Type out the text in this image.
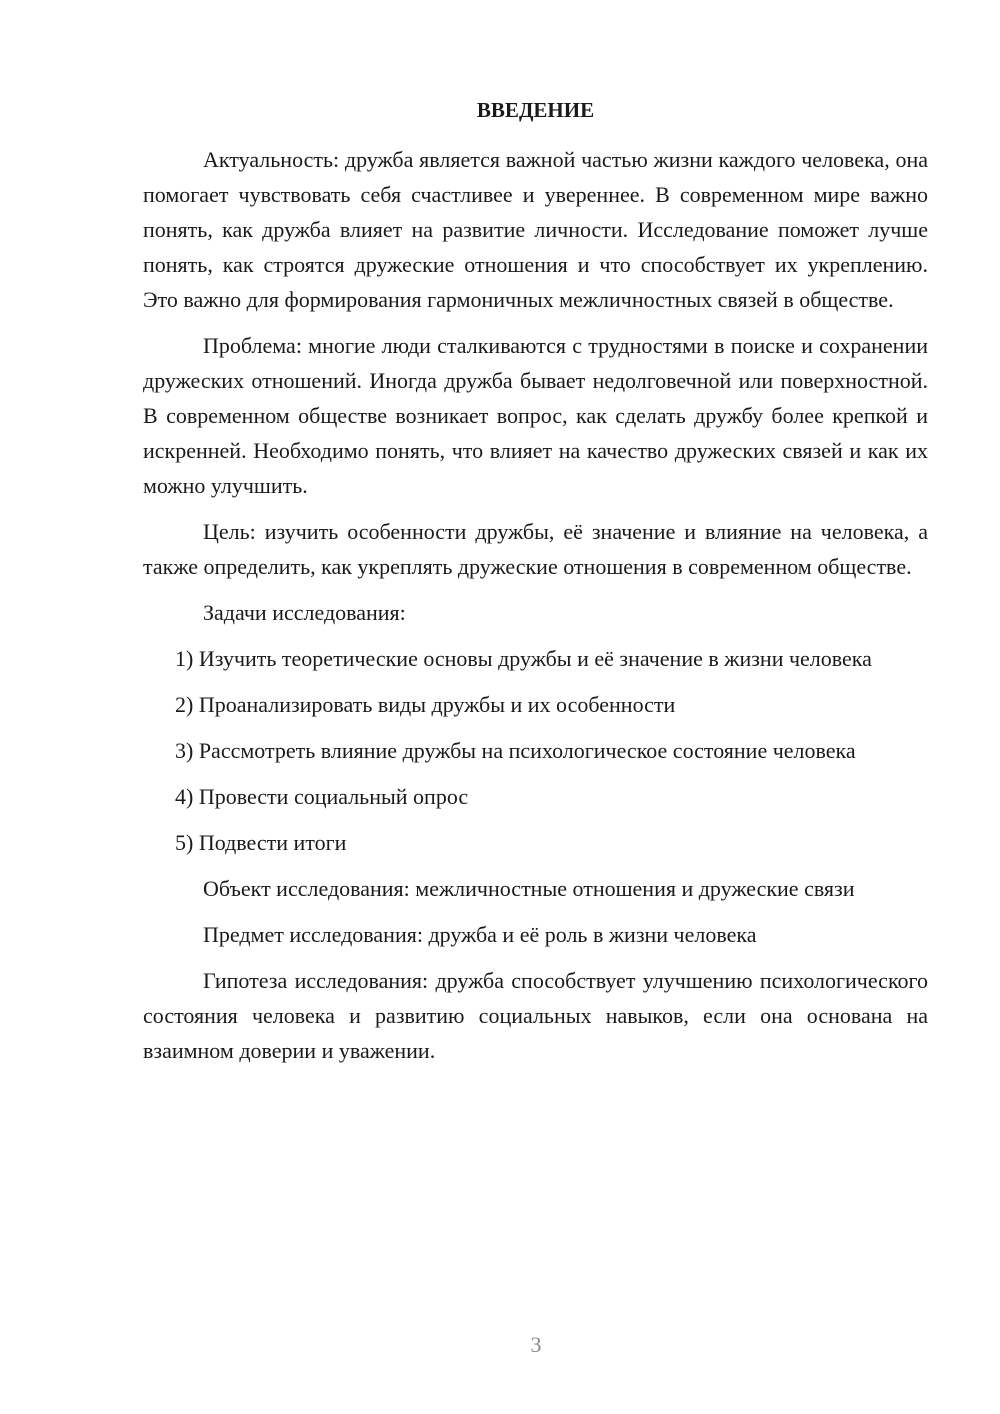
ВВЕДЕНИЕ

Актуальность: дружба является важной частью жизни каждого человека, она помогает чувствовать себя счастливее и увереннее. В современном мире важно понять, как дружба влияет на развитие личности. Исследование поможет лучше понять, как строятся дружеские отношения и что способствует их укреплению. Это важно для формирования гармоничных межличностных связей в обществе.

Проблема: многие люди сталкиваются с трудностями в поиске и сохранении дружеских отношений. Иногда дружба бывает недолговечной или поверхностной. В современном обществе возникает вопрос, как сделать дружбу более крепкой и искренней. Необходимо понять, что влияет на качество дружеских связей и как их можно улучшить.

Цель: изучить особенности дружбы, её значение и влияние на человека, а также определить, как укреплять дружеские отношения в современном обществе.

Задачи исследования:

1) Изучить теоретические основы дружбы и её значение в жизни человека

2) Проанализировать виды дружбы и их особенности

3) Рассмотреть влияние дружбы на психологическое состояние человека

4) Провести социальный опрос

5) Подвести итоги

Объект исследования: межличностные отношения и дружеские связи

Предмет исследования: дружба и её роль в жизни человека

Гипотеза исследования: дружба способствует улучшению психологического состояния человека и развитию социальных навыков, если она основана на взаимном доверии и уважении.

3
